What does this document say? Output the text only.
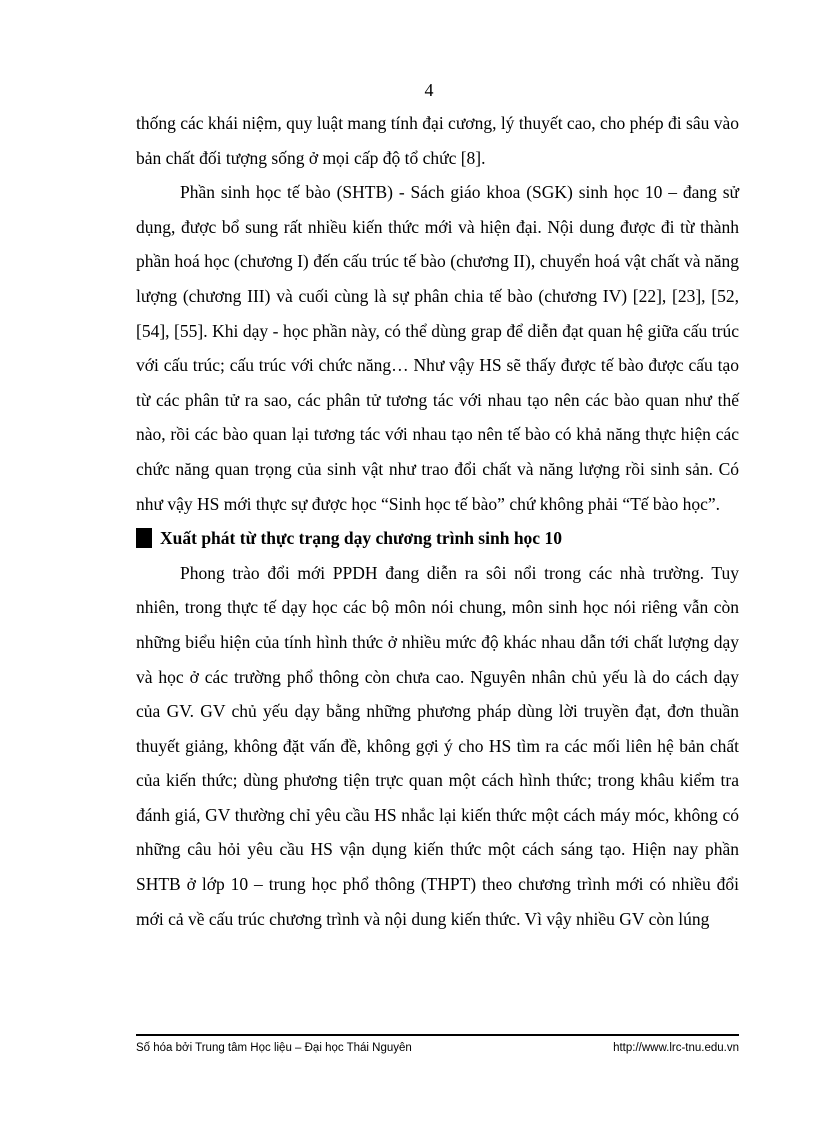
4

thống các khái niệm, quy luật mang tính đại cương, lý thuyết cao, cho phép đi sâu vào bản chất đối tượng sống ở mọi cấp độ tổ chức [8].

Phần sinh học tế bào (SHTB) - Sách giáo khoa (SGK) sinh học 10 – đang sử dụng, được bổ sung rất nhiều kiến thức mới và hiện đại. Nội dung được đi từ thành phần hoá học (chương I) đến cấu trúc tế bào (chương II), chuyển hoá vật chất và năng lượng (chương III) và cuối cùng là sự phân chia tế bào (chương IV) [22], [23], [52, [54], [55]. Khi dạy - học phần này, có thể dùng grap để diễn đạt quan hệ giữa cấu trúc với cấu trúc; cấu trúc với chức năng… Như vậy HS sẽ thấy được tế bào được cấu tạo từ các phân tử ra sao, các phân tử tương tác với nhau tạo nên các bào quan như thế nào, rồi các bào quan lại tương tác với nhau tạo nên tế bào có khả năng thực hiện các chức năng quan trọng của sinh vật như trao đổi chất và năng lượng rồi sinh sản. Có như vậy HS mới thực sự được học “Sinh học tế bào” chứ không phải “Tế bào học”.

Xuất phát từ thực trạng dạy chương trình sinh học 10

Phong trào đổi mới PPDH đang diễn ra sôi nổi trong các nhà trường. Tuy nhiên, trong thực tế dạy học các bộ môn nói chung, môn sinh học nói riêng vẫn còn những biểu hiện của tính hình thức ở nhiều mức độ khác nhau dẫn tới chất lượng dạy và học ở các trường phổ thông còn chưa cao. Nguyên nhân chủ yếu là do cách dạy của GV. GV chủ yếu dạy bằng những phương pháp dùng lời truyền đạt, đơn thuần thuyết giảng, không đặt vấn đề, không gợi ý cho HS tìm ra các mối liên hệ bản chất của kiến thức; dùng phương tiện trực quan một cách hình thức; trong khâu kiểm tra đánh giá, GV thường chỉ yêu cầu HS nhắc lại kiến thức một cách máy móc, không có những câu hỏi yêu cầu HS vận dụng kiến thức một cách sáng tạo. Hiện nay phần SHTB ở lớp 10 – trung học phổ thông (THPT) theo chương trình mới có nhiều đổi mới cả về cấu trúc chương trình và nội dung kiến thức. Vì vậy nhiều GV còn lúng

Số hóa bởi Trung tâm Học liệu – Đại học Thái Nguyên	http://www.lrc-tnu.edu.vn
